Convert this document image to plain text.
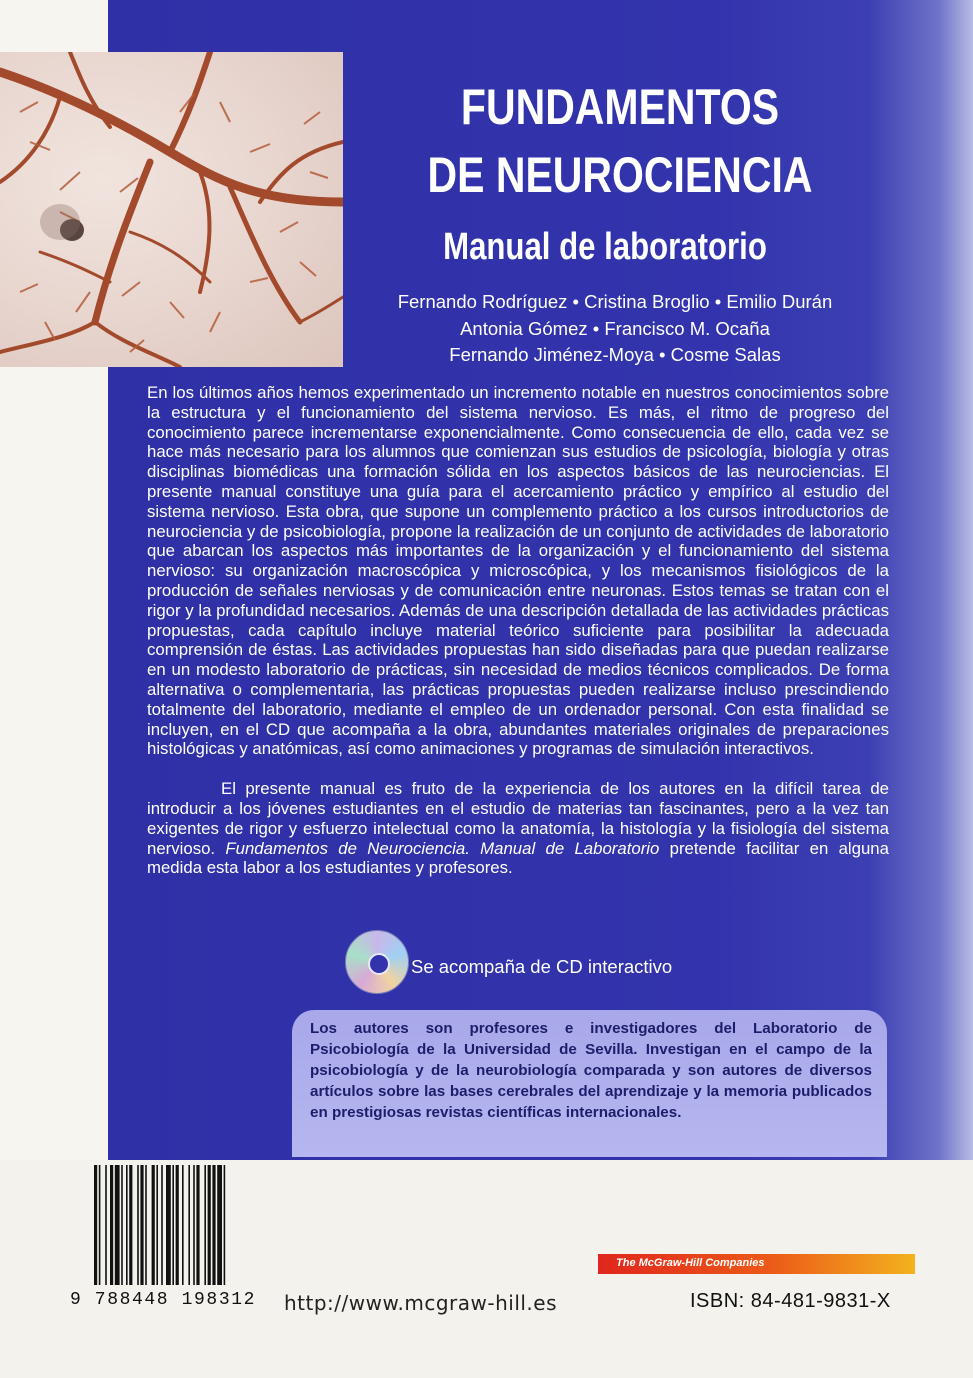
FUNDAMENTOS
DE NEUROCIENCIA
Manual de laboratorio
Fernando Rodríguez • Cristina Broglio • Emilio Durán
Antonia Gómez • Francisco M. Ocaña
Fernando Jiménez-Moya • Cosme Salas

En los últimos años hemos experimentado un incremento notable en nuestros conocimientos sobre la estructura y el funcionamiento del sistema nervioso. Es más, el ritmo de progreso del conocimiento parece incrementarse exponencialmente. Como consecuencia de ello, cada vez se hace más necesario para los alumnos que comienzan sus estudios de psicología, biología y otras disciplinas biomédicas una formación sólida en los aspectos básicos de las neurociencias. El presente manual constituye una guía para el acercamiento práctico y empírico al estudio del sistema nervioso. Esta obra, que supone un complemento práctico a los cursos introductorios de neurociencia y de psicobiología, propone la realización de un conjunto de actividades de laboratorio que abarcan los aspectos más importantes de la organización y el funcionamiento del sistema nervioso: su organización macroscópica y microscópica, y los mecanismos fisiológicos de la producción de señales nerviosas y de comunicación entre neuronas. Estos temas se tratan con el rigor y la profundidad necesarios. Además de una descripción detallada de las actividades prácticas propuestas, cada capítulo incluye material teórico suficiente para posibilitar la adecuada comprensión de éstas. Las actividades propuestas han sido diseñadas para que puedan realizarse en un modesto laboratorio de prácticas, sin necesidad de medios técnicos complicados. De forma alternativa o complementaria, las prácticas propuestas pueden realizarse incluso prescindiendo totalmente del laboratorio, mediante el empleo de un ordenador personal. Con esta finalidad se incluyen, en el CD que acompaña a la obra, abundantes materiales originales de preparaciones histológicas y anatómicas, así como animaciones y programas de simulación interactivos.

El presente manual es fruto de la experiencia de los autores en la difícil tarea de introducir a los jóvenes estudiantes en el estudio de materias tan fascinantes, pero a la vez tan exigentes de rigor y esfuerzo intelectual como la anatomía, la histología y la fisiología del sistema nervioso. Fundamentos de Neurociencia. Manual de Laboratorio pretende facilitar en alguna medida esta labor a los estudiantes y profesores.

Se acompaña de CD interactivo
Los autores son profesores e investigadores del Laboratorio de Psicobiología de la Universidad de Sevilla. Investigan en el campo de la psicobiología y de la neurobiología comparada y son autores de diversos artículos sobre las bases cerebrales del aprendizaje y la memoria publicados en prestigiosas revistas científicas internacionales.
9 788448 198312 http://www.mcgraw-hill.es
The McGraw-Hill Companies
ISBN: 84-481-9831-X
